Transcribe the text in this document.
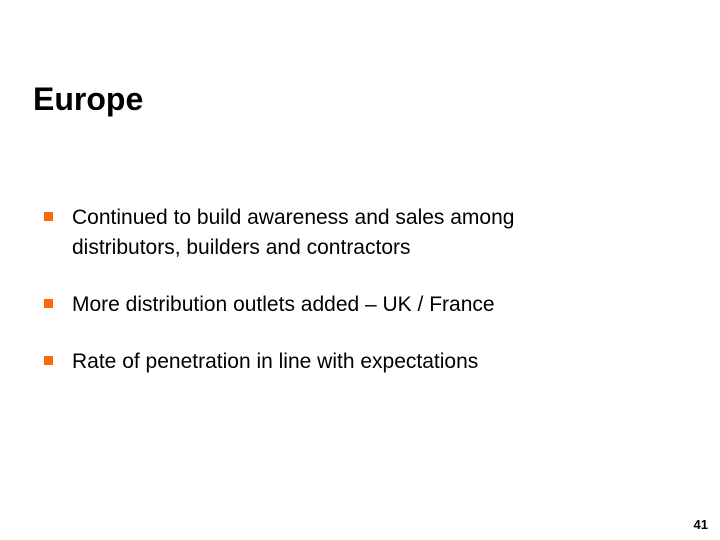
Europe
Continued to build awareness and sales among distributors, builders and contractors
More distribution outlets added – UK / France
Rate of penetration in line with expectations
41
